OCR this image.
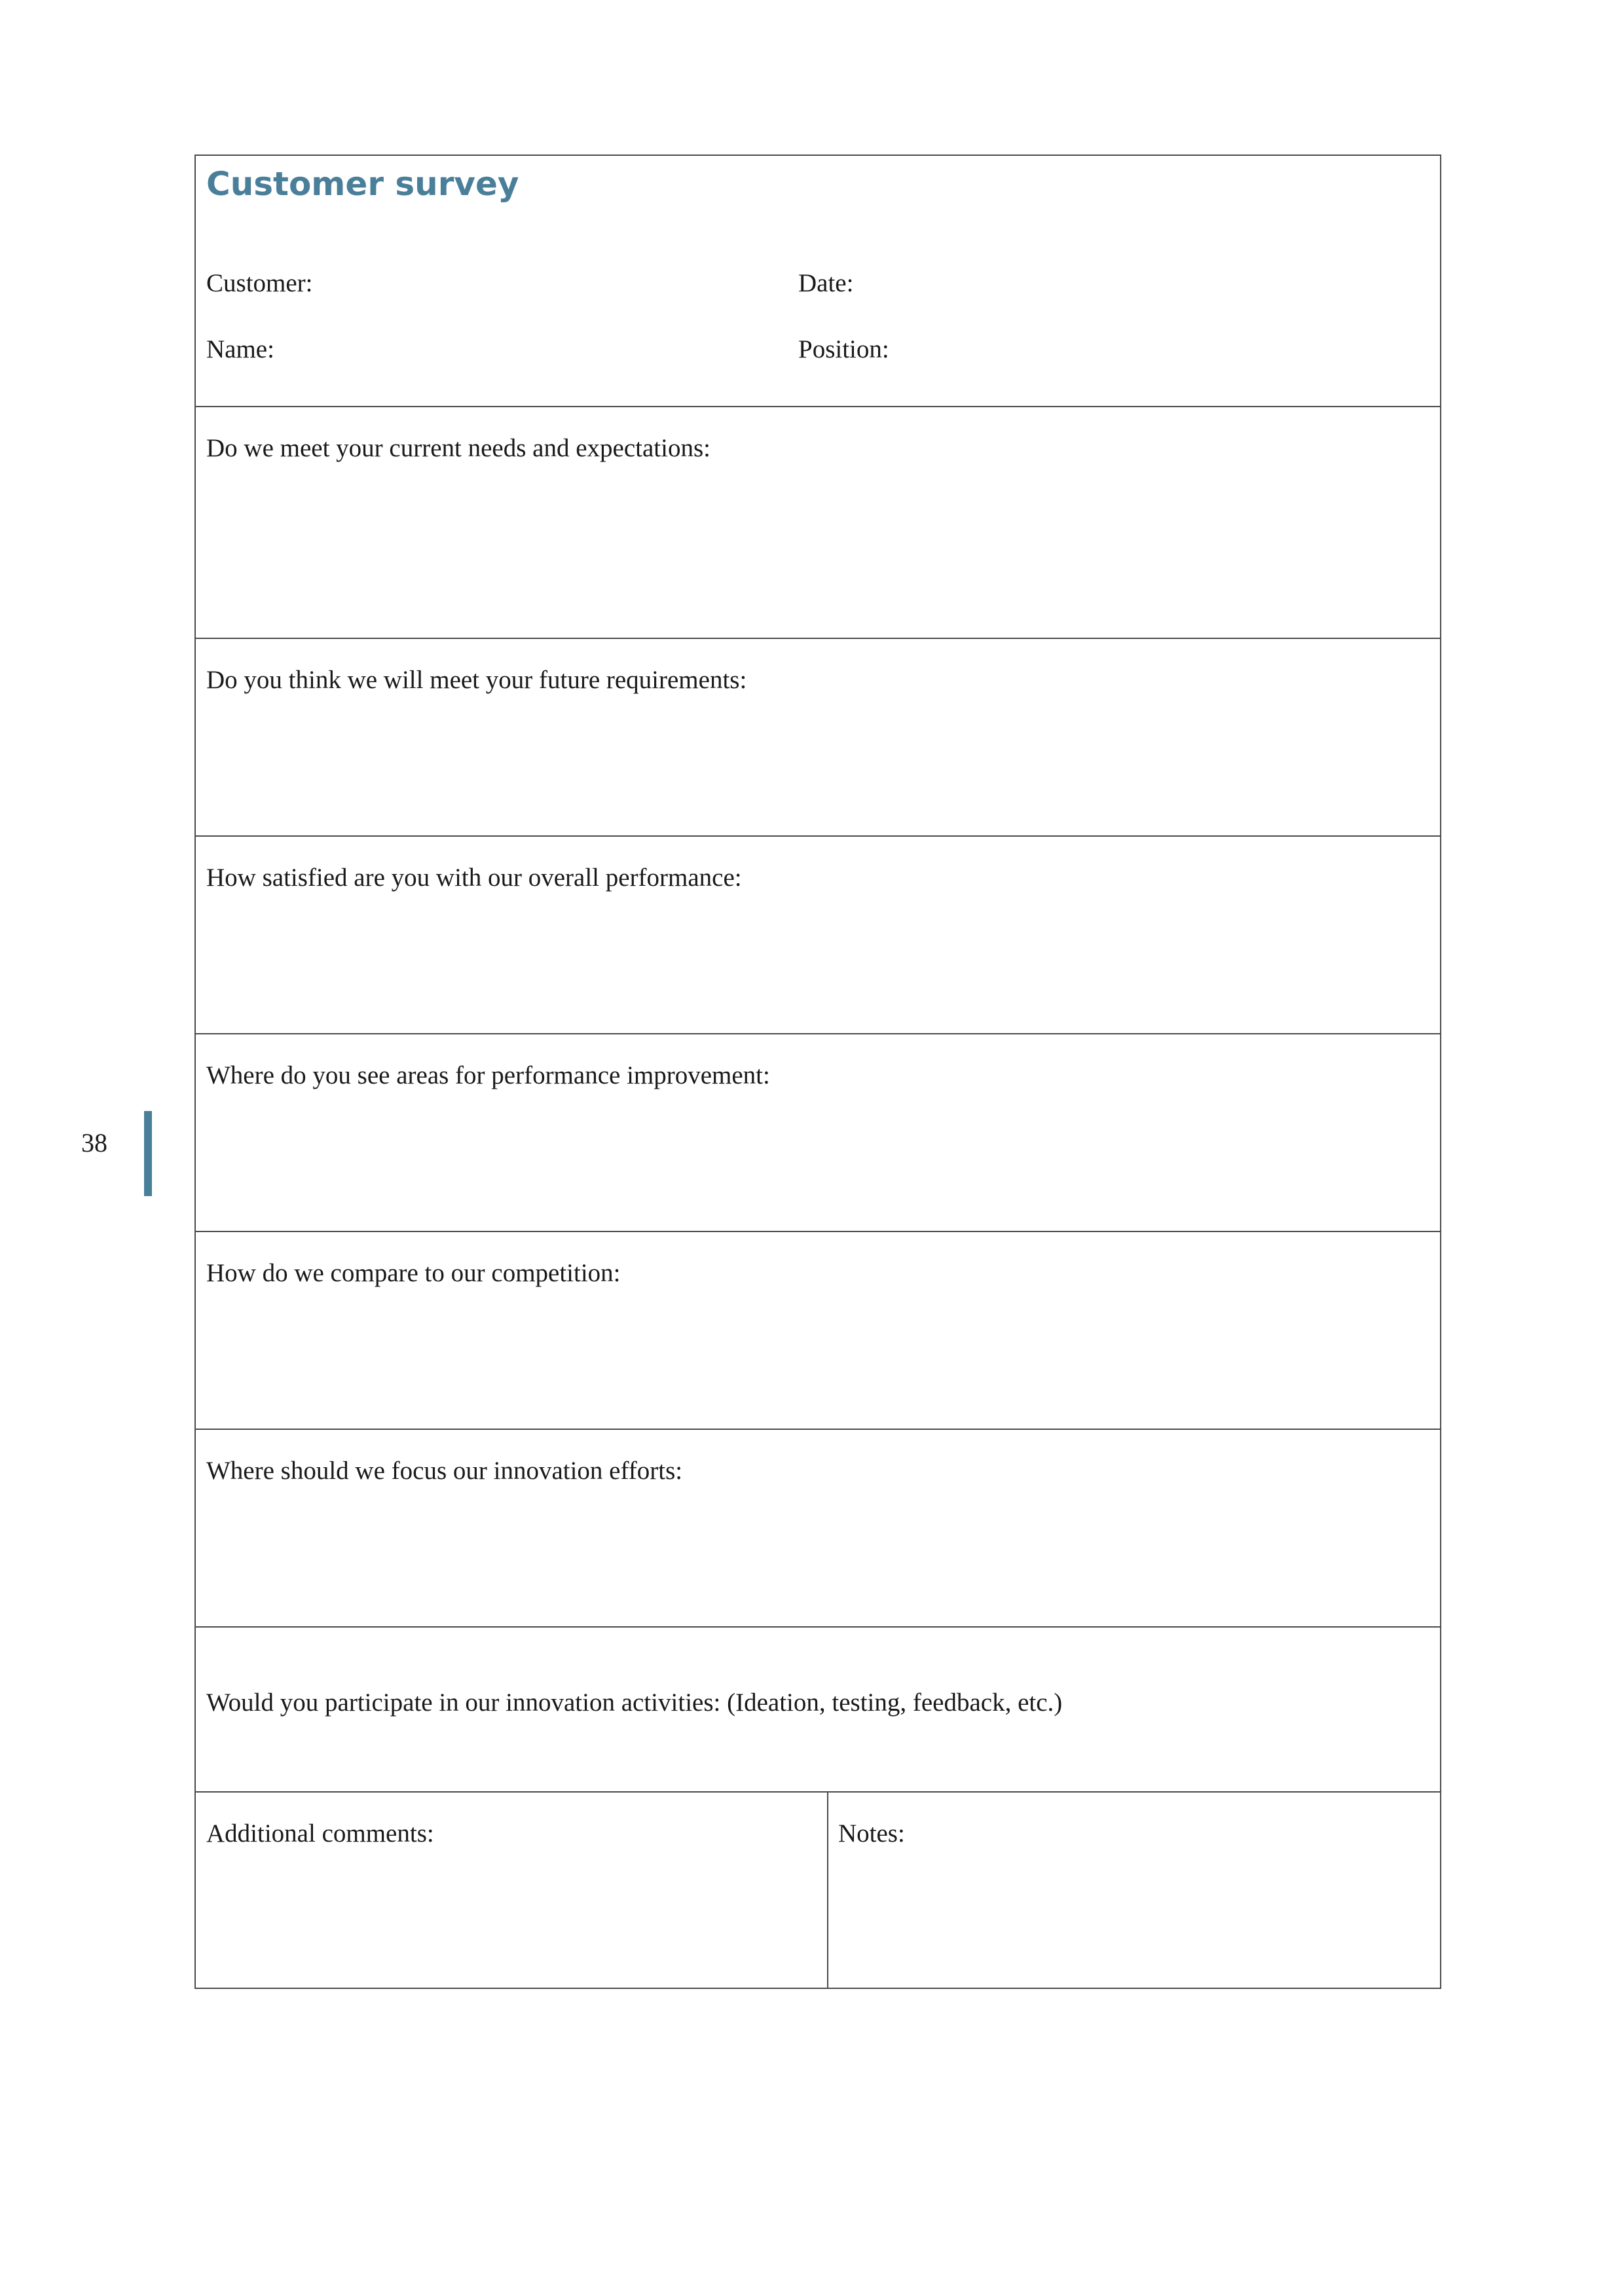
38
Customer survey
Customer:	Date:
Name:	Position:
Do we meet your current needs and expectations:
Do you think we will meet your future requirements:
How satisfied are you with our overall performance:
Where do you see areas for performance improvement:
How do we compare to our competition:
Where should we focus our innovation efforts:
Would you participate in our innovation activities: (Ideation, testing, feedback, etc.)
Additional comments:	Notes:
